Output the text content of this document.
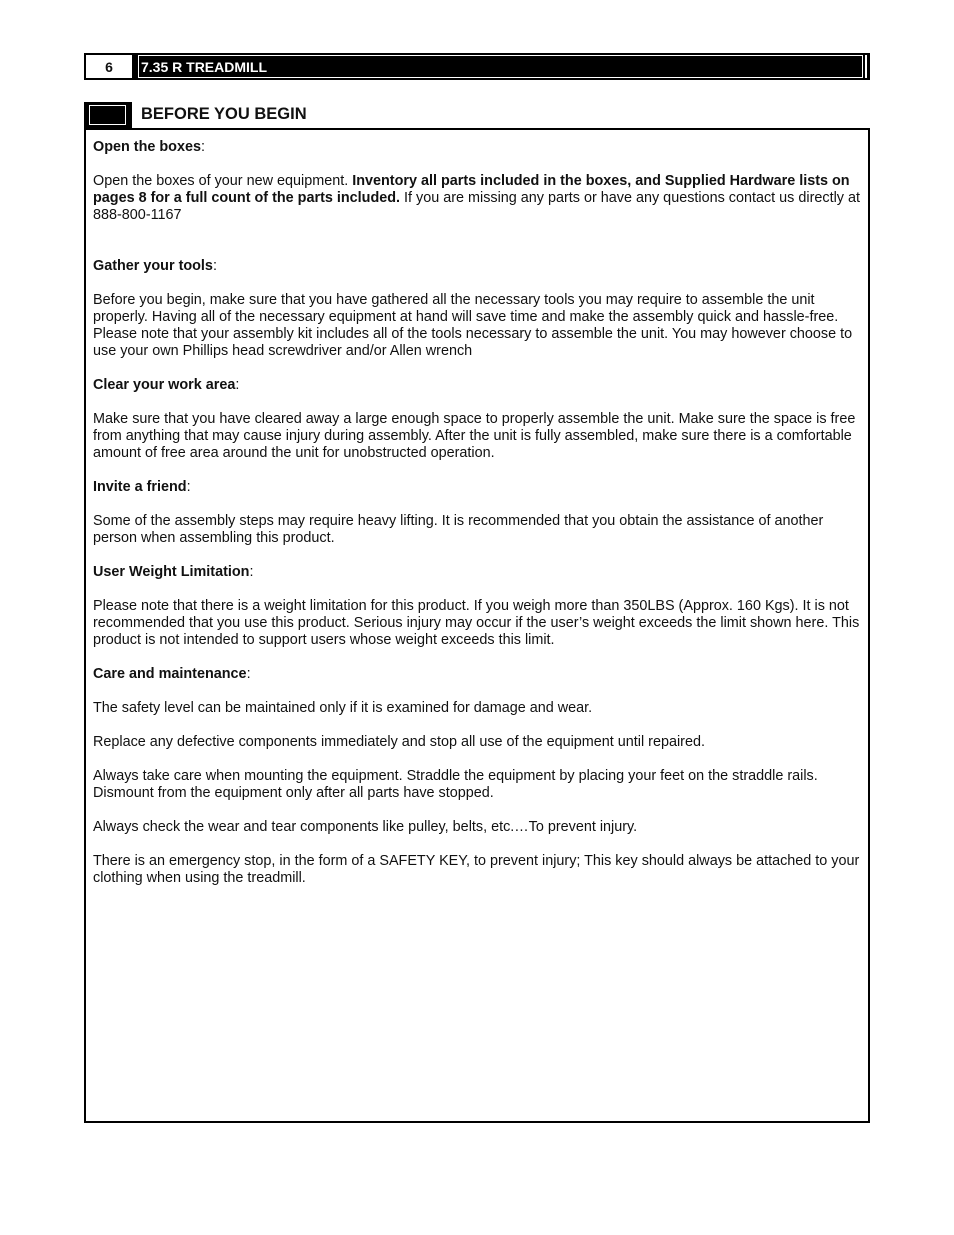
6	7.35 R TREADMILL
BEFORE YOU BEGIN

Open the boxes:

Open the boxes of your new equipment. Inventory all parts included in the boxes, and Supplied Hardware lists on pages 8 for a full count of the parts included. If you are missing any parts or have any questions contact us directly at 888-800-1167

Gather your tools:

Before you begin, make sure that you have gathered all the necessary tools you may require to assemble the unit properly. Having all of the necessary equipment at hand will save time and make the assembly quick and hassle-free. Please note that your assembly kit includes all of the tools necessary to assemble the unit. You may however choose to use your own Phillips head screwdriver and/or Allen wrench

Clear your work area:

Make sure that you have cleared away a large enough space to properly assemble the unit. Make sure the space is free from anything that may cause injury during assembly. After the unit is fully assembled, make sure there is a comfortable amount of free area around the unit for unobstructed operation.

Invite a friend:

Some of the assembly steps may require heavy lifting. It is recommended that you obtain the assistance of another person when assembling this product.

User Weight Limitation:

Please note that there is a weight limitation for this product. If you weigh more than 350LBS (Approx. 160 Kgs). It is not recommended that you use this product. Serious injury may occur if the user’s weight exceeds the limit shown here. This product is not intended to support users whose weight exceeds this limit.

Care and maintenance:

The safety level can be maintained only if it is examined for damage and wear.

Replace any defective components immediately and stop all use of the equipment until repaired.

Always take care when mounting the equipment. Straddle the equipment by placing your feet on the straddle rails. Dismount from the equipment only after all parts have stopped.

Always check the wear and tear components like pulley, belts, etc.…To prevent injury.

There is an emergency stop, in the form of a SAFETY KEY, to prevent injury; This key should always be attached to your clothing when using the treadmill.
